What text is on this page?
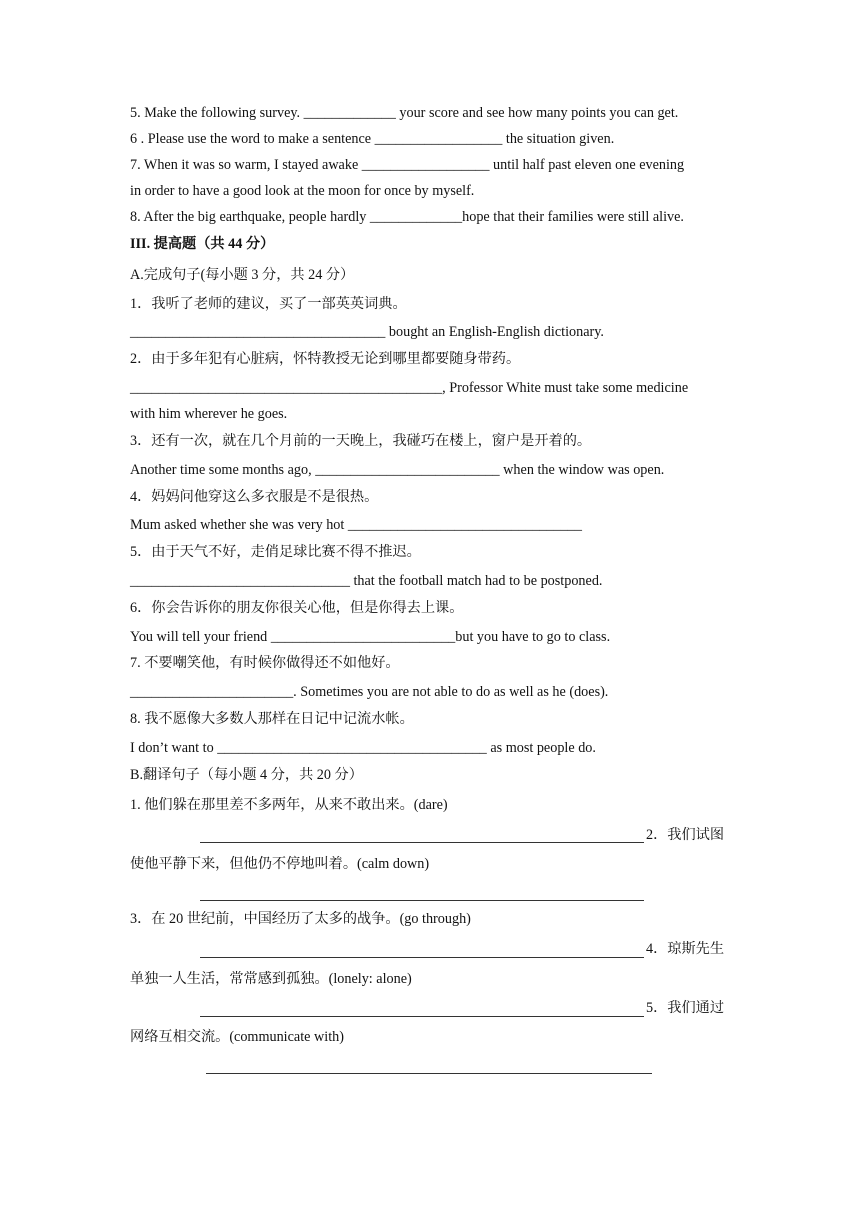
5. Make the following survey. _____________ your score and see how many points you can get.
6 . Please use the word to make a sentence __________________ the situation given.
7. When it was so warm, I stayed awake __________________ until half past eleven one evening
in order to have a good look at the moon for once by myself.
8. After the big earthquake, people hardly _____________hope that their families were still alive.
III. 提高题（共 44 分）
A.完成句子(每小题 3 分，共 24 分）
1．我听了老师的建议，买了一部英英词典。
____________________________________ bought an English-English dictionary.
2．由于多年犯有心脏病，怀特教授无论到哪里都要随身带药。
____________________________________________, Professor White must take some medicine
with him wherever he goes.
3．还有一次，就在几个月前的一天晚上，我碰巧在楼上，窗户是开着的。
Another time some months ago, __________________________ when the window was open.
4．妈妈问他穿这么多衣服是不是很热。
Mum asked whether she was very hot _________________________________
5．由于天气不好，走俏足球比赛不得不推迟。
_______________________________ that the football match had to be postponed.
6．你会告诉你的朋友你很关心他，但是你得去上课。
You will tell your friend __________________________but you have to go to class.
7. 不要嘲笑他，有时候你做得还不如他好。
_______________________. Sometimes you are not able to do as well as he (does).
8. 我不愿像大多数人那样在日记中记流水帐。
I don’t want to ______________________________________ as most people do.
B.翻译句子（每小题 4 分，共 20 分）
1. 他们躲在那里差不多两年，从来不敢出来。(dare)
2．我们试图
使他平静下来，但他仍不停地叫着。(calm down)
3．在 20 世纪前，中国经历了太多的战争。(go through)
4．琼斯先生
单独一人生活，常常感到孤独。(lonely: alone)
5．我们通过
网络互相交流。(communicate with)
